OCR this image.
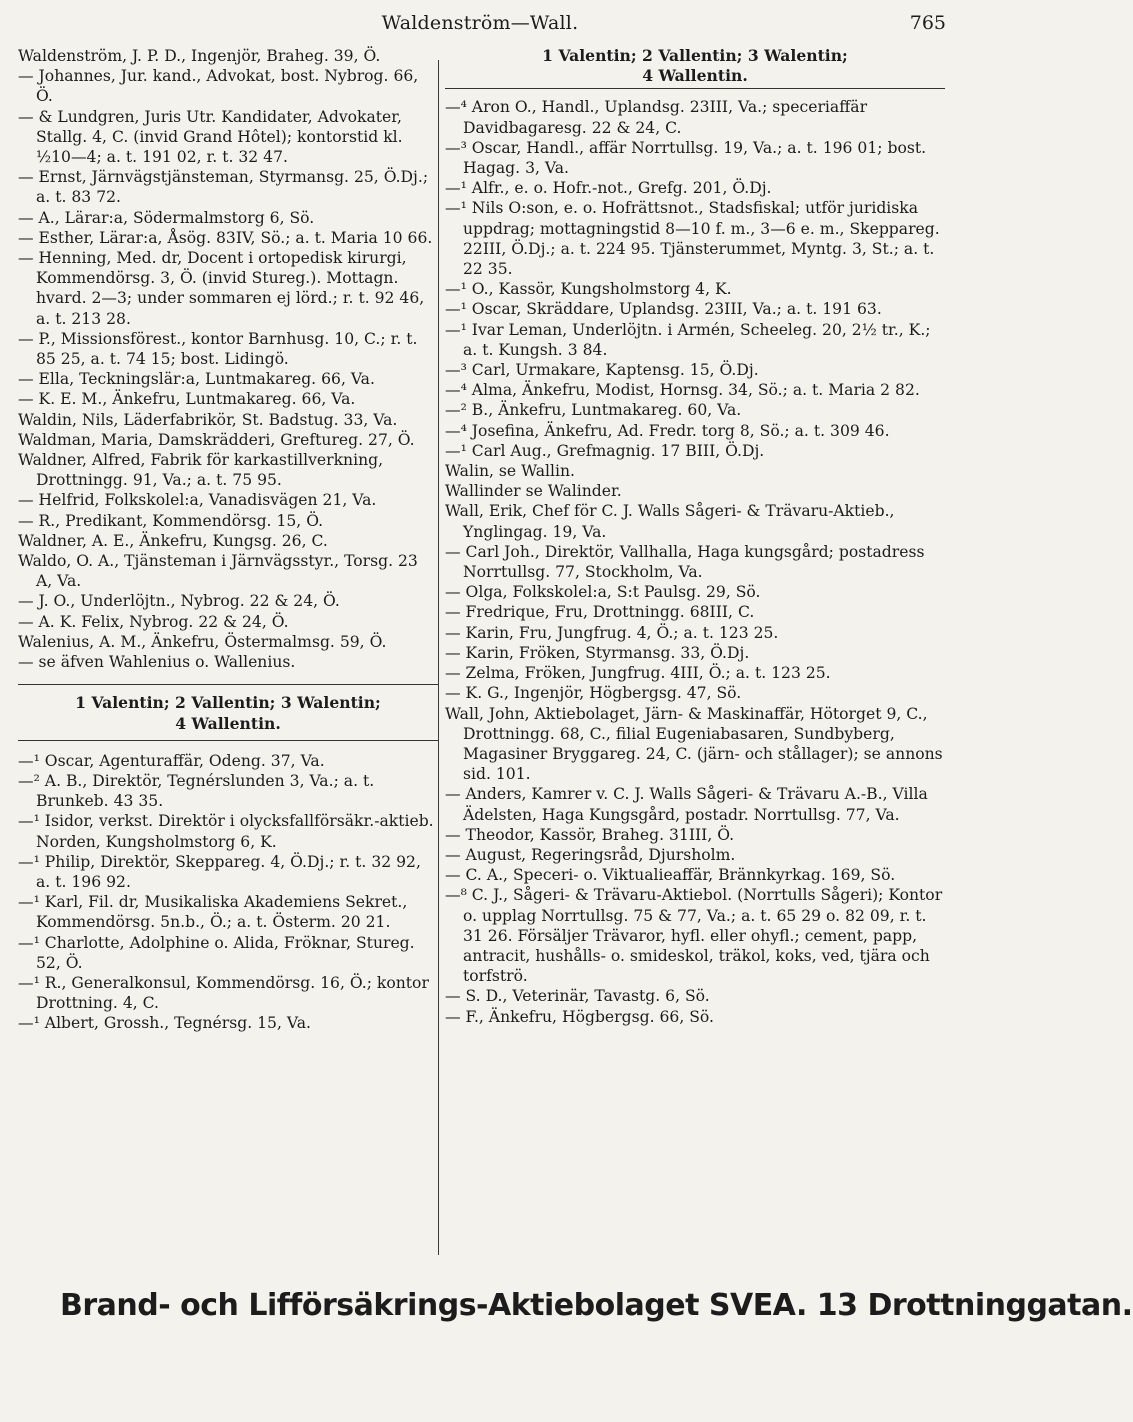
Waldenström—Wall.	765

Waldenström, J. P. D., Ingenjör, Braheg. 39, Ö.

— Johannes, Jur. kand., Advokat, bost. Nybrog. 66, Ö.

— & Lundgren, Juris Utr. Kandidater, Advokater, Stallg. 4, C. (invid Grand Hôtel); kontorstid kl. ½10—4; a. t. 191 02, r. t. 32 47.

— Ernst, Järnvägstjänsteman, Styrmansg. 25, Ö.Dj.; a. t. 83 72.

— A., Lärar:a, Södermalmstorg 6, Sö.

— Esther, Lärar:a, Åsög. 83IV, Sö.; a. t. Maria 10 66.

— Henning, Med. dr, Docent i ortopedisk kirurgi, Kommendörsg. 3, Ö. (invid Stureg.). Mottagn. hvard. 2—3; under sommaren ej lörd.; r. t. 92 46, a. t. 213 28.

— P., Missionsförest., kontor Barnhusg. 10, C.; r. t. 85 25, a. t. 74 15; bost. Lidingö.

— Ella, Teckningslär:a, Luntmakareg. 66, Va.

— K. E. M., Änkefru, Luntmakareg. 66, Va.

Waldin, Nils, Läderfabrikör, St. Badstug. 33, Va.

Waldman, Maria, Damskrädderi, Greftureg. 27, Ö.

Waldner, Alfred, Fabrik för karkastillverkning, Drottningg. 91, Va.; a. t. 75 95.

— Helfrid, Folkskolel:a, Vanadisvägen 21, Va.

— R., Predikant, Kommendörsg. 15, Ö.

Waldner, A. E., Änkefru, Kungsg. 26, C.

Waldo, O. A., Tjänsteman i Järnvägsstyr., Torsg. 23 A, Va.

— J. O., Underlöjtn., Nybrog. 22 & 24, Ö.

— A. K. Felix, Nybrog. 22 & 24, Ö.

Walenius, A. M., Änkefru, Östermalmsg. 59, Ö.

— se äfven Wahlenius o. Wallenius.

1 Valentin; 2 Vallentin; 3 Walentin;
4 Wallentin.

—¹ Oscar, Agenturaffär, Odeng. 37, Va.

—² A. B., Direktör, Tegnérslunden 3, Va.; a. t. Brunkeb. 43 35.

—¹ Isidor, verkst. Direktör i olycksfallförsäkr.-aktieb. Norden, Kungsholmstorg 6, K.

—¹ Philip, Direktör, Skeppareg. 4, Ö.Dj.; r. t. 32 92, a. t. 196 92.

—¹ Karl, Fil. dr, Musikaliska Akademiens Sekret., Kommendörsg. 5n.b., Ö.; a. t. Österm. 20 21.

—¹ Charlotte, Adolphine o. Alida, Fröknar, Stureg. 52, Ö.

—¹ R., Generalkonsul, Kommendörsg. 16, Ö.; kontor Drottning. 4, C.

—¹ Albert, Grossh., Tegnérsg. 15, Va.

1 Valentin; 2 Vallentin; 3 Walentin;
4 Wallentin.

—⁴ Aron O., Handl., Uplandsg. 23III, Va.; speceriaffär Davidbagaresg. 22 & 24, C.

—³ Oscar, Handl., affär Norrtullsg. 19, Va.; a. t. 196 01; bost. Hagag. 3, Va.

—¹ Alfr., e. o. Hofr.-not., Grefg. 201, Ö.Dj.

—¹ Nils O:son, e. o. Hofrättsnot., Stadsfiskal; utför juridiska uppdrag; mottagningstid 8—10 f. m., 3—6 e. m., Skeppareg. 22III, Ö.Dj.; a. t. 224 95. Tjänsterummet, Myntg. 3, St.; a. t. 22 35.

—¹ O., Kassör, Kungsholmstorg 4, K.

—¹ Oscar, Skräddare, Uplandsg. 23III, Va.; a. t. 191 63.

—¹ Ivar Leman, Underlöjtn. i Armén, Scheeleg. 20, 2½ tr., K.; a. t. Kungsh. 3 84.

—³ Carl, Urmakare, Kaptensg. 15, Ö.Dj.

—⁴ Alma, Änkefru, Modist, Hornsg. 34, Sö.; a. t. Maria 2 82.

—² B., Änkefru, Luntmakareg. 60, Va.

—⁴ Josefina, Änkefru, Ad. Fredr. torg 8, Sö.; a. t. 309 46.

—¹ Carl Aug., Grefmagnig. 17 BIII, Ö.Dj.

Walin, se Wallin.

Wallinder se Walinder.

Wall, Erik, Chef för C. J. Walls Sågeri- & Trävaru-Aktieb., Ynglingag. 19, Va.

— Carl Joh., Direktör, Vallhalla, Haga kungsgård; postadress Norrtullsg. 77, Stockholm, Va.

— Olga, Folkskolel:a, S:t Paulsg. 29, Sö.

— Fredrique, Fru, Drottningg. 68III, C.

— Karin, Fru, Jungfrug. 4, Ö.; a. t. 123 25.

— Karin, Fröken, Styrmansg. 33, Ö.Dj.

— Zelma, Fröken, Jungfrug. 4III, Ö.; a. t. 123 25.

— K. G., Ingenjör, Högbergsg. 47, Sö.

Wall, John, Aktiebolaget, Järn- & Maskinaffär, Hötorget 9, C., Drottningg. 68, C., filial Eugeniabasaren, Sundbyberg, Magasiner Bryggareg. 24, C. (järn- och stållager); se annons sid. 101.

— Anders, Kamrer v. C. J. Walls Sågeri- & Trävaru A.-B., Villa Ädelsten, Haga Kungsgård, postadr. Norrtullsg. 77, Va.

— Theodor, Kassör, Braheg. 31III, Ö.

— August, Regeringsråd, Djursholm.

— C. A., Speceri- o. Viktualieaffär, Brännkyrkag. 169, Sö.

—⁸ C. J., Sågeri- & Trävaru-Aktiebol. (Norrtulls Sågeri); Kontor o. upplag Norrtullsg. 75 & 77, Va.; a. t. 65 29 o. 82 09, r. t. 31 26. Försäljer Trävaror, hyfl. eller ohyfl.; cement, papp, antracit, hushålls- o. smideskol, träkol, koks, ved, tjära och torfströ.

— S. D., Veterinär, Tavastg. 6, Sö.

— F., Änkefru, Högbergsg. 66, Sö.

Brand- och Lifförsäkrings-Aktiebolaget SVEA. 13 Drottninggatan.
